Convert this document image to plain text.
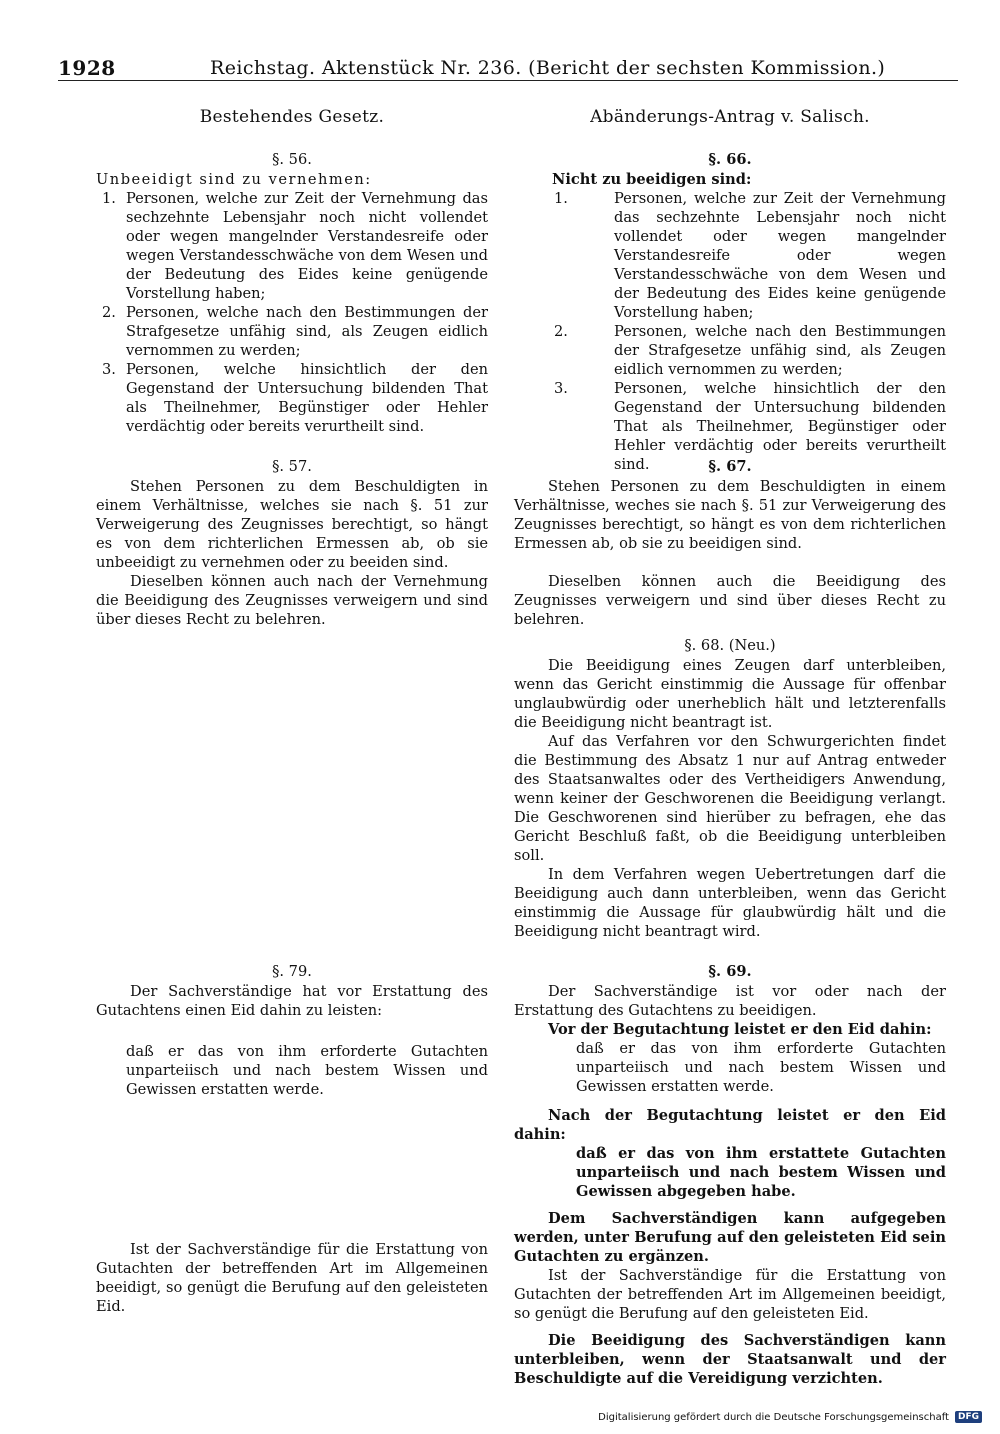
1928	Reichstag. Aktenstück Nr. 236. (Bericht der sechsten Kommission.)
Bestehendes Gesetz.	Abänderungs-Antrag v. Salisch.
§. 56.
Unbeeidigt sind zu vernehmen:
1. Personen, welche zur Zeit der Vernehmung das sechzehnte Lebensjahr noch nicht vollendet oder wegen mangelnder Verstandesreife oder wegen Verstandesschwäche von dem Wesen und der Bedeutung des Eides keine genügende Vorstellung haben;
2. Personen, welche nach den Bestimmungen der Strafgesetze unfähig sind, als Zeugen eidlich vernommen zu werden;
3. Personen, welche hinsichtlich der den Gegenstand der Untersuchung bildenden That als Theilnehmer, Begünstiger oder Hehler verdächtig oder bereits verurtheilt sind.
§. 57.

Stehen Personen zu dem Beschuldigten in einem Verhältnisse, welches sie nach §. 51 zur Verweigerung des Zeugnisses berechtigt, so hängt es von dem richterlichen Ermessen ab, ob sie unbeeidigt zu vernehmen oder zu beeiden sind.

Dieselben können auch nach der Vernehmung die Beeidigung des Zeugnisses verweigern und sind über dieses Recht zu belehren.

§. 79.

Der Sachverständige hat vor Erstattung des Gutachtens einen Eid dahin zu leisten:

daß er das von ihm erforderte Gutachten unparteiisch und nach bestem Wissen und Gewissen erstatten werde.

Ist der Sachverständige für die Erstattung von Gutachten der betreffenden Art im Allgemeinen beeidigt, so genügt die Berufung auf den geleisteten Eid.

§. 66.
Nicht zu beeidigen sind:
1.	Personen, welche zur Zeit der Vernehmung das sechzehnte Lebensjahr noch nicht vollendet oder wegen mangelnder Verstandesreife oder wegen Verstandesschwäche von dem Wesen und der Bedeutung des Eides keine genügende Vorstellung haben;
2.	Personen, welche nach den Bestimmungen der Strafgesetze unfähig sind, als Zeugen eidlich vernommen zu werden;
3.	Personen, welche hinsichtlich der den Gegenstand der Untersuchung bildenden That als Theilnehmer, Begünstiger oder Hehler verdächtig oder bereits verurtheilt sind.	§. 67.

Stehen Personen zu dem Beschuldigten in einem Verhältnisse, weches sie nach §. 51 zur Verweigerung des Zeugnisses berechtigt, so hängt es von dem richterlichen Ermessen ab, ob sie zu beeidigen sind.

Dieselben können auch die Beeidigung des Zeugnisses verweigern und sind über dieses Recht zu belehren.

§. 68. (Neu.)

Die Beeidigung eines Zeugen darf unterbleiben, wenn das Gericht einstimmig die Aussage für offenbar unglaubwürdig oder unerheblich hält und letzterenfalls die Beeidigung nicht beantragt ist.

Auf das Verfahren vor den Schwurgerichten findet die Bestimmung des Absatz 1 nur auf Antrag entweder des Staatsanwaltes oder des Vertheidigers Anwendung, wenn keiner der Geschworenen die Beeidigung verlangt. Die Geschworenen sind hierüber zu befragen, ehe das Gericht Beschluß faßt, ob die Beeidigung unterbleiben soll.

In dem Verfahren wegen Uebertretungen darf die Beeidigung auch dann unterbleiben, wenn das Gericht einstimmig die Aussage für glaubwürdig hält und die Beeidigung nicht beantragt wird.

§. 69.

Der Sachverständige ist vor oder nach der Erstattung des Gutachtens zu beeidigen.

Vor der Begutachtung leistet er den Eid dahin:

daß er das von ihm erforderte Gutachten unparteiisch und nach bestem Wissen und Gewissen erstatten werde.

Nach der Begutachtung leistet er den Eid dahin:

daß er das von ihm erstattete Gutachten unparteiisch und nach bestem Wissen und Gewissen abgegeben habe.

Dem Sachverständigen kann aufgegeben werden, unter Berufung auf den geleisteten Eid sein Gutachten zu ergänzen.

Ist der Sachverständige für die Erstattung von Gutachten der betreffenden Art im Allgemeinen beeidigt, so genügt die Berufung auf den geleisteten Eid.

Die Beeidigung des Sachverständigen kann unterbleiben, wenn der Staatsanwalt und der Beschuldigte auf die Vereidigung verzichten.

Digitalisierung gefördert durch die Deutsche Forschungsgemeinschaft	DFG
